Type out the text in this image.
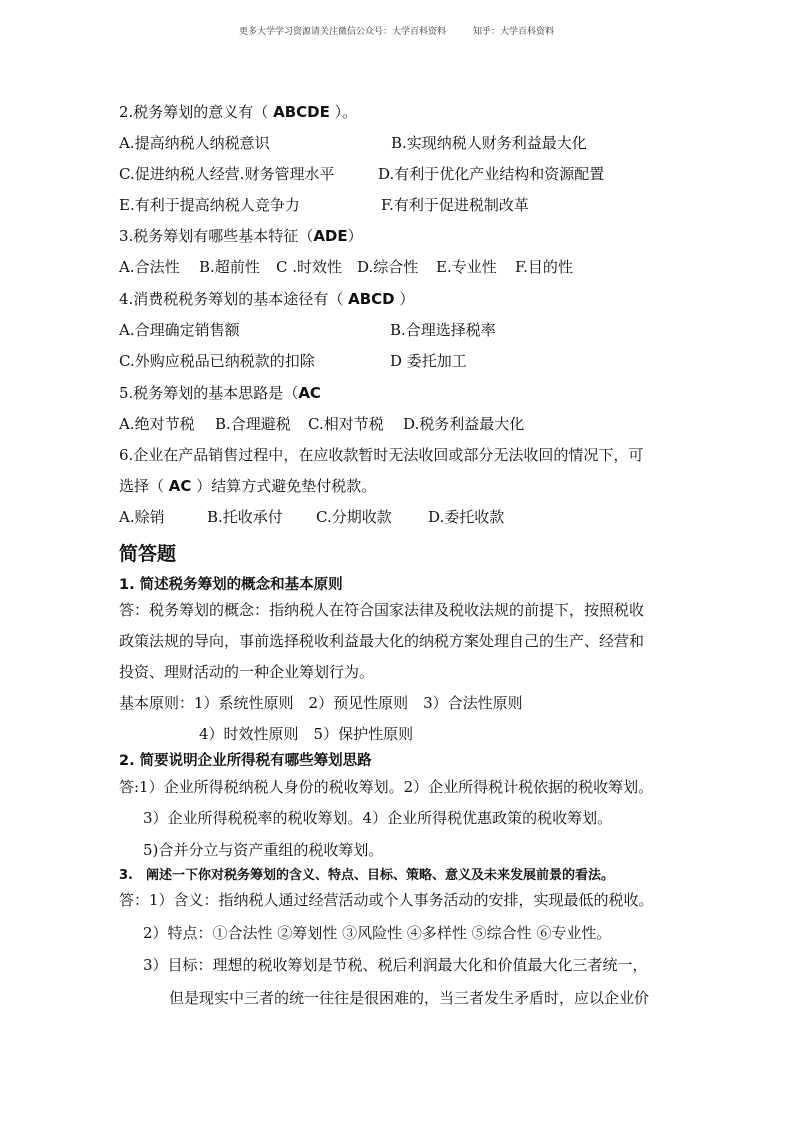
更多大学学习资源请关注微信公众号：大学百科资料	知乎：大学百科资料
2.税务筹划的意义有（ ABCDE ）。
A.提高纳税人纳税意识	B.实现纳税人财务利益最大化
C.促进纳税人经营.财务管理水平	D.有利于优化产业结构和资源配置
E.有利于提高纳税人竞争力	F.有利于促进税制改革
3.税务筹划有哪些基本特征（ADE）
A.合法性 B.超前性 C .时效性 D.综合性 E.专业性 F.目的性
4.消费税税务筹划的基本途径有（ ABCD ）
A.合理确定销售额	B.合理选择税率
C.外购应税品已纳税款的扣除	D 委托加工
5.税务筹划的基本思路是（AC
A.绝对节税 B.合理避税 C.相对节税 D.税务利益最大化
6.企业在产品销售过程中，在应收款暂时无法收回或部分无法收回的情况下，可
选择（ AC ）结算方式避免垫付税款。
A.赊销	B.托收承付 C.分期收款 D.委托收款
简答题
1. 简述税务筹划的概念和基本原则
答：税务筹划的概念：指纳税人在符合国家法律及税收法规的前提下，按照税收
政策法规的导向，事前选择税收利益最大化的纳税方案处理自己的生产、经营和
投资、理财活动的一种企业筹划行为。
基本原则：1）系统性原则　2）预见性原则　3）合法性原则
4）时效性原则　5）保护性原则
2. 简要说明企业所得税有哪些筹划思路
答:1）企业所得税纳税人身份的税收筹划。2）企业所得税计税依据的税收筹划。
3）企业所得税税率的税收筹划。4）企业所得税优惠政策的税收筹划。
5)合并分立与资产重组的税收筹划。
3.　阐述一下你对税务筹划的含义、特点、目标、策略、意义及未来发展前景的看法。
答：1）含义：指纳税人通过经营活动或个人事务活动的安排，实现最低的税收。
2）特点：①合法性 ②筹划性 ③风险性 ④多样性 ⑤综合性 ⑥专业性。
3）目标：理想的税收筹划是节税、税后利润最大化和价值最大化三者统一，
但是现实中三者的统一往往是很困难的，当三者发生矛盾时，应以企业价
